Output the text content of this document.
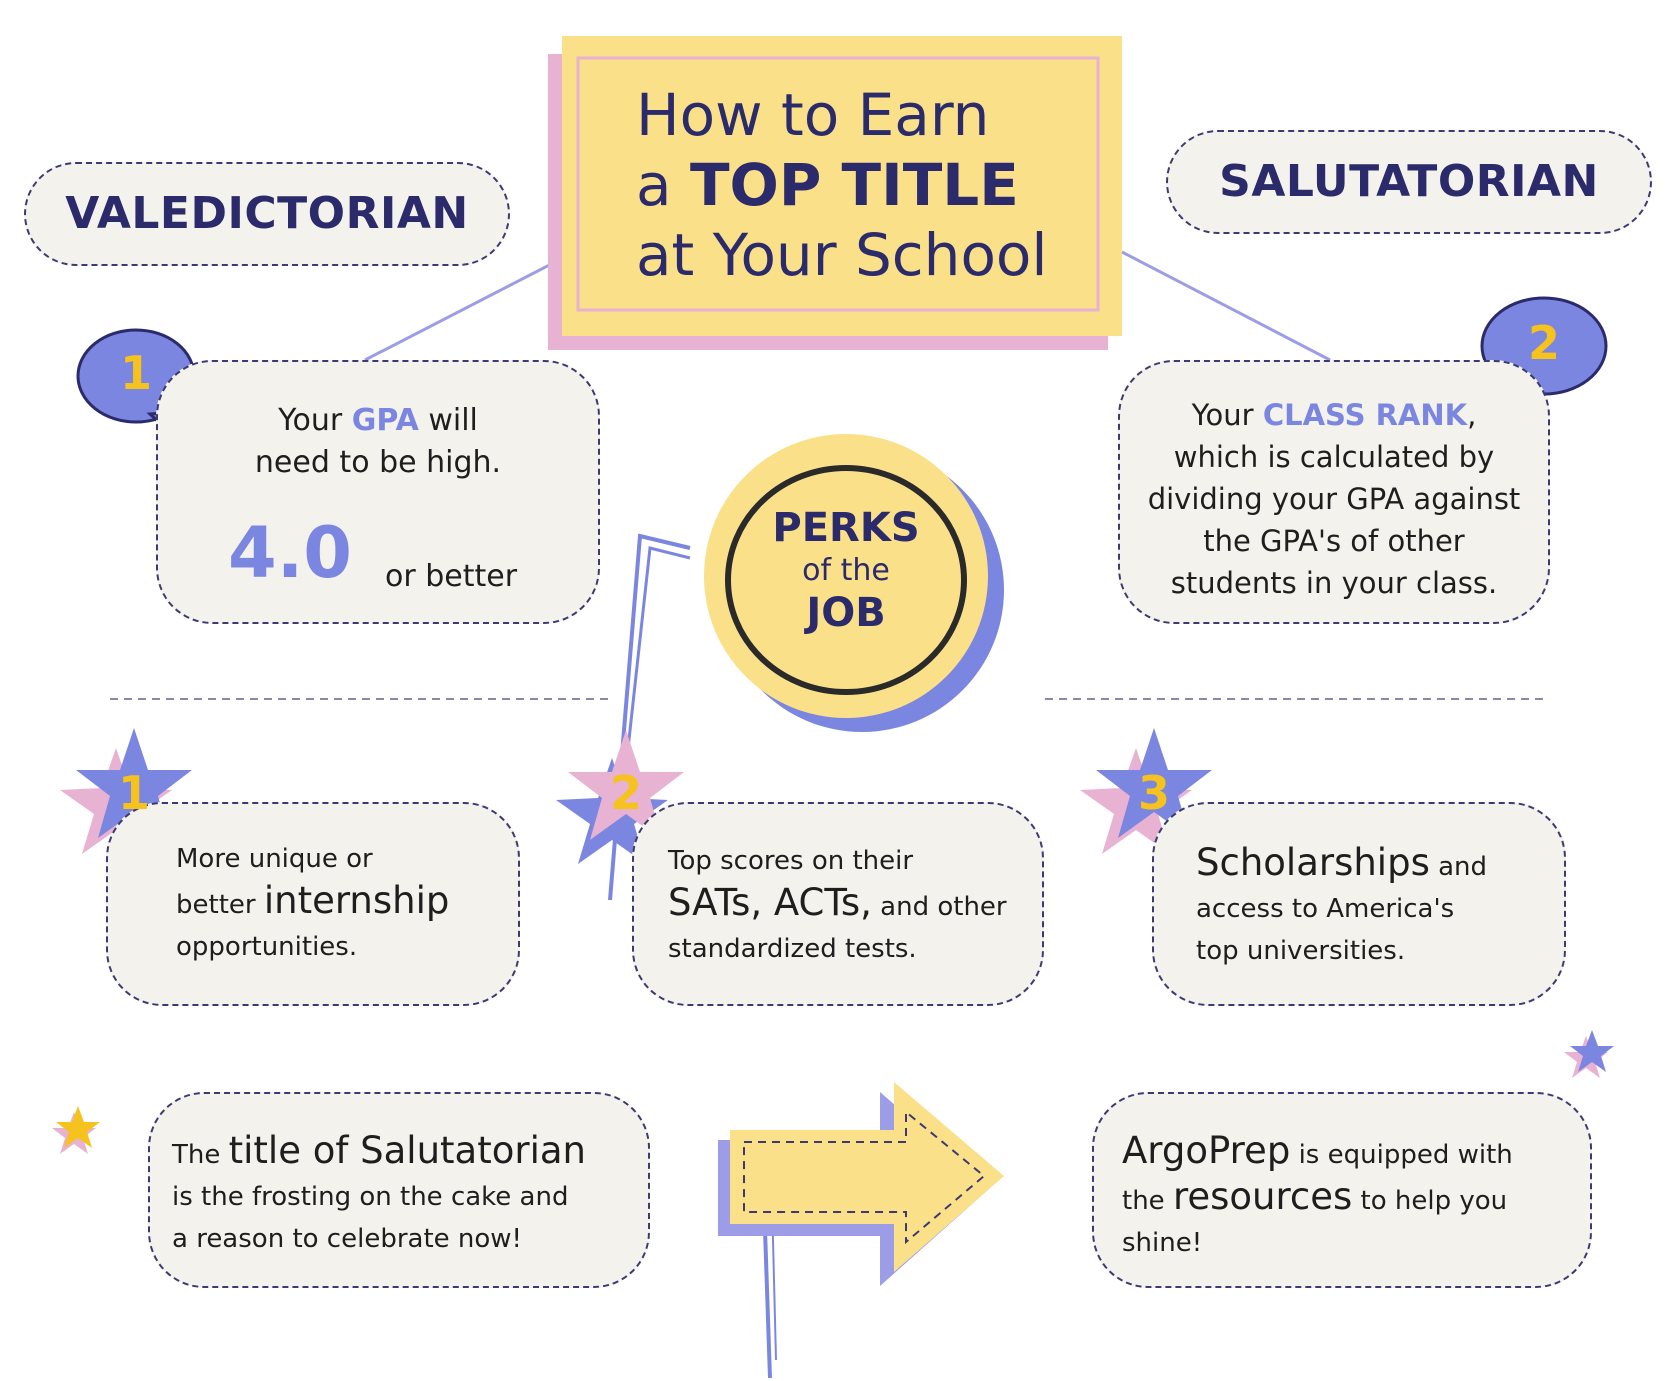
How to Earn
a TOP TITLE
at Your School
VALEDICTORIAN
SALUTATORIAN
1
Your GPA will
need to be high.
4.0 or better
2
Your CLASS RANK,
which is calculated by
dividing your GPA against
the GPA's of other
students in your class.
PERKS
of the
JOB
1
More unique or
better internship
opportunities.
2
Top scores on their
SATs, ACTs, and other
standardized tests.
3
Scholarships and
access to America's
top universities.
The title of Salutatorian
is the frosting on the cake and
a reason to celebrate now!
ArgoPrep is equipped with
the resources to help you
shine!
